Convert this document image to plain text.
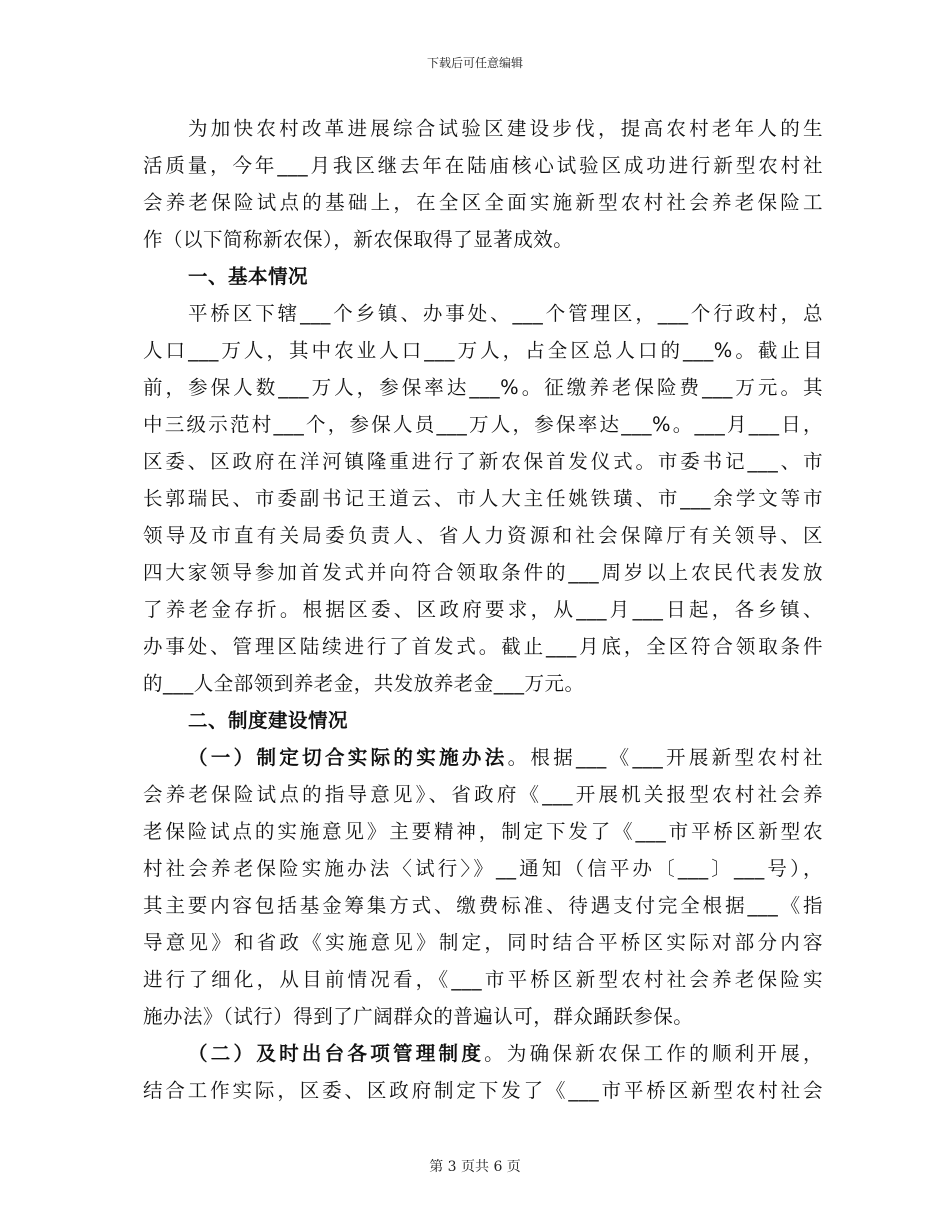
下载后可任意编辑
为加快农村改革进展综合试验区建设步伐，提高农村老年人的生
活质量，今年___月我区继去年在陆庙核心试验区成功进行新型农村社
会养老保险试点的基础上，在全区全面实施新型农村社会养老保险工
作（以下简称新农保），新农保取得了显著成效。
一、基本情况
平桥区下辖___个乡镇、办事处、___个管理区，___个行政村，总
人口___万人，其中农业人口___万人，占全区总人口的___%。截止目
前，参保人数___万人，参保率达___%。征缴养老保险费___万元。其
中三级示范村___个，参保人员___万人，参保率达___%。___月___日，
区委、区政府在洋河镇隆重进行了新农保首发仪式。市委书记___、市
长郭瑞民、市委副书记王道云、市人大主任姚铁璜、市___余学文等市
领导及市直有关局委负责人、省人力资源和社会保障厅有关领导、区
四大家领导参加首发式并向符合领取条件的___周岁以上农民代表发放
了养老金存折。根据区委、区政府要求，从___月___日起，各乡镇、
办事处、管理区陆续进行了首发式。截止___月底，全区符合领取条件
的___人全部领到养老金，共发放养老金___万元。
二、制度建设情况
（一）制定切合实际的实施办法。根据___《___开展新型农村社
会养老保险试点的指导意见》、省政府《___开展机关报型农村社会养
老保险试点的实施意见》主要精神，制定下发了《___市平桥区新型农
村社会养老保险实施办法〈试行〉》__通知（信平办〔___〕___号），
其主要内容包括基金筹集方式、缴费标准、待遇支付完全根据___《指
导意见》和省政《实施意见》制定，同时结合平桥区实际对部分内容
进行了细化，从目前情况看，《___市平桥区新型农村社会养老保险实
施办法》（试行）得到了广阔群众的普遍认可，群众踊跃参保。
（二）及时出台各项管理制度。为确保新农保工作的顺利开展，
结合工作实际，区委、区政府制定下发了《___市平桥区新型农村社会
第 3 页共 6 页
